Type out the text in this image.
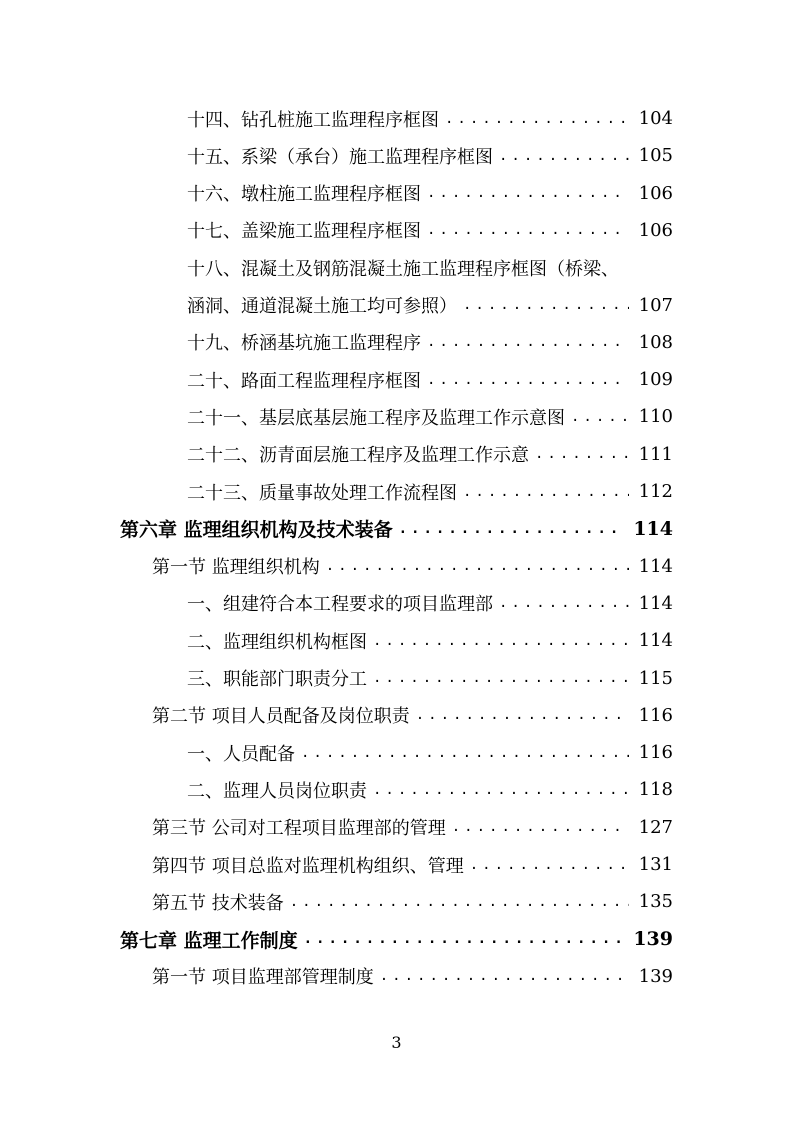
十四、钻孔桩施工监理程序框图 .....	104
十五、系梁（承台）施工监理程序框图 .....	105
十六、墩柱施工监理程序框图 .....	106
十七、盖梁施工监理程序框图 .....	106
十八、混凝土及钢筋混凝土施工监理程序框图（桥梁、
涵洞、通道混凝土施工均可参照） .....	107
十九、桥涵基坑施工监理程序 .....	108
二十、路面工程监理程序框图 .....	109
二十一、基层底基层施工程序及监理工作示意图 .....	110
二十二、沥青面层施工程序及监理工作示意 .....	111
二十三、质量事故处理工作流程图 .....	112
第六章 监理组织机构及技术装备 .....	114
第一节 监理组织机构 .....	114
一、组建符合本工程要求的项目监理部 .....	114
二、监理组织机构框图 .....	114
三、职能部门职责分工 .....	115
第二节 项目人员配备及岗位职责 .....	116
一、人员配备 .....	116
二、监理人员岗位职责 .....	118
第三节 公司对工程项目监理部的管理 .....	127
第四节 项目总监对监理机构组织、管理 .....	131
第五节 技术装备 .....	135
第七章 监理工作制度 .....	139
第一节 项目监理部管理制度 .....	139
3
